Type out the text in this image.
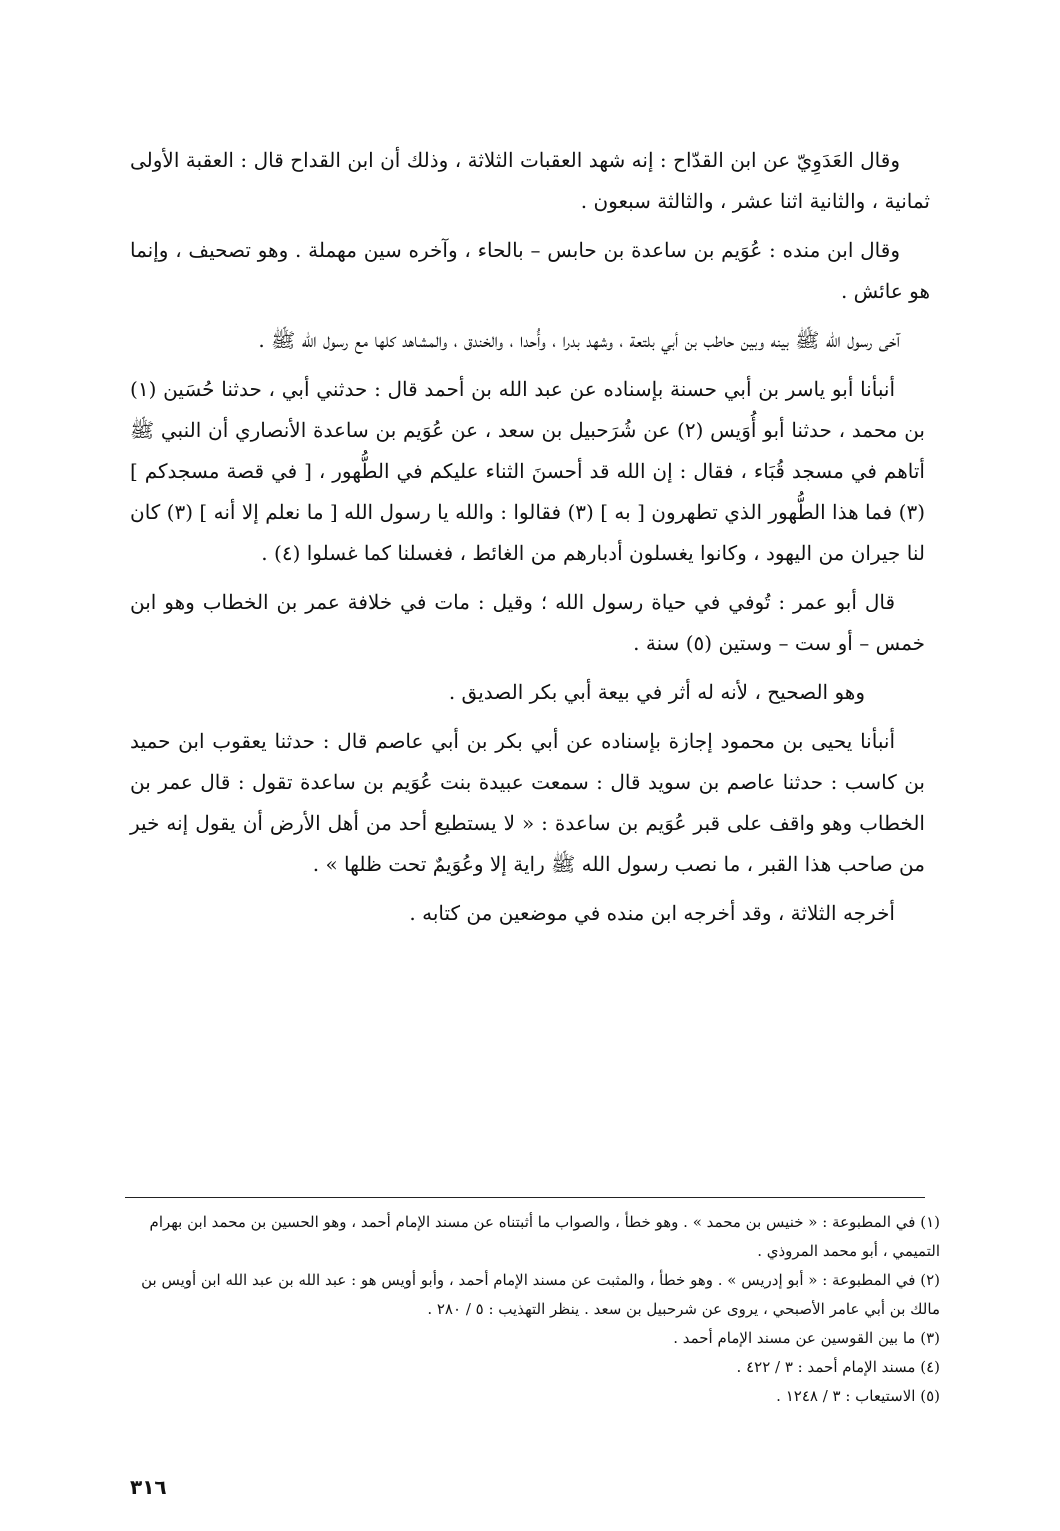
وقال العَدَوِيّ عن ابن القدّاح : إنه شهد العقبات الثلاثة ، وذلك أن ابن القداح قال : العقبة الأولى ثمانية ، والثانية اثنا عشر ، والثالثة سبعون .

وقال ابن منده : عُوَيم بن ساعدة بن حابس – بالحاء ، وآخره سين مهملة . وهو تصحيف ، وإنما هو عائش .

آخى رسول الله ﷺ بينه وبين حاطب بن أبي بلتعة ، وشهد بدرا ، وأُحدا ، والخندق ، والمشاهد كلها مع رسول الله ﷺ .

أنبأنا أبو ياسر بن أبي حسنة بإسناده عن عبد الله بن أحمد قال : حدثني أبي ، حدثنا حُسَين (١) بن محمد ، حدثنا أبو أُوَيس (٢) عن شُرَحبيل بن سعد ، عن عُوَيم بن ساعدة الأنصاري أن النبي ﷺ أتاهم في مسجد قُبَاء ، فقال : إن الله قد أحسنَ الثناء عليكم في الطُّهور ، [ في قصة مسجدكم ] (٣) فما هذا الطُّهور الذي تطهرون [ به ] (٣) فقالوا : والله يا رسول الله [ ما نعلم إلا أنه ] (٣) كان لنا جيران من اليهود ، وكانوا يغسلون أدبارهم من الغائط ، فغسلنا كما غسلوا (٤) .

قال أبو عمر : تُوفي في حياة رسول الله ؛ وقيل : مات في خلافة عمر بن الخطاب وهو ابن خمس – أو ست – وستين (٥) سنة .

وهو الصحيح ، لأنه له أثر في بيعة أبي بكر الصديق .

أنبأنا يحيى بن محمود إجازة بإسناده عن أبي بكر بن أبي عاصم قال : حدثنا يعقوب ابن حميد بن كاسب : حدثنا عاصم بن سويد قال : سمعت عبيدة بنت عُوَيم بن ساعدة تقول : قال عمر بن الخطاب وهو واقف على قبر عُوَيم بن ساعدة : « لا يستطيع أحد من أهل الأرض أن يقول إنه خير من صاحب هذا القبر ، ما نصب رسول الله ﷺ راية إلا وعُوَيمٌ تحت ظلها » .

أخرجه الثلاثة ، وقد أخرجه ابن منده في موضعين من كتابه .

(١) في المطبوعة : « خنيس بن محمد » . وهو خطأ ، والصواب ما أثبتناه عن مسند الإمام أحمد ، وهو الحسين بن محمد ابن بهرام التميمي ، أبو محمد المروذي .

(٢) في المطبوعة : « أبو إدريس » . وهو خطأ ، والمثبت عن مسند الإمام أحمد ، وأبو أويس هو : عبد الله بن عبد الله ابن أويس بن مالك بن أبي عامر الأصبحي ، يروى عن شرحبيل بن سعد . ينظر التهذيب : ٥ / ٢٨٠ .

(٣) ما بين القوسين عن مسند الإمام أحمد .

(٤) مسند الإمام أحمد : ٣ / ٤٢٢ .

(٥) الاستيعاب : ٣ / ١٢٤٨ .

٣١٦
